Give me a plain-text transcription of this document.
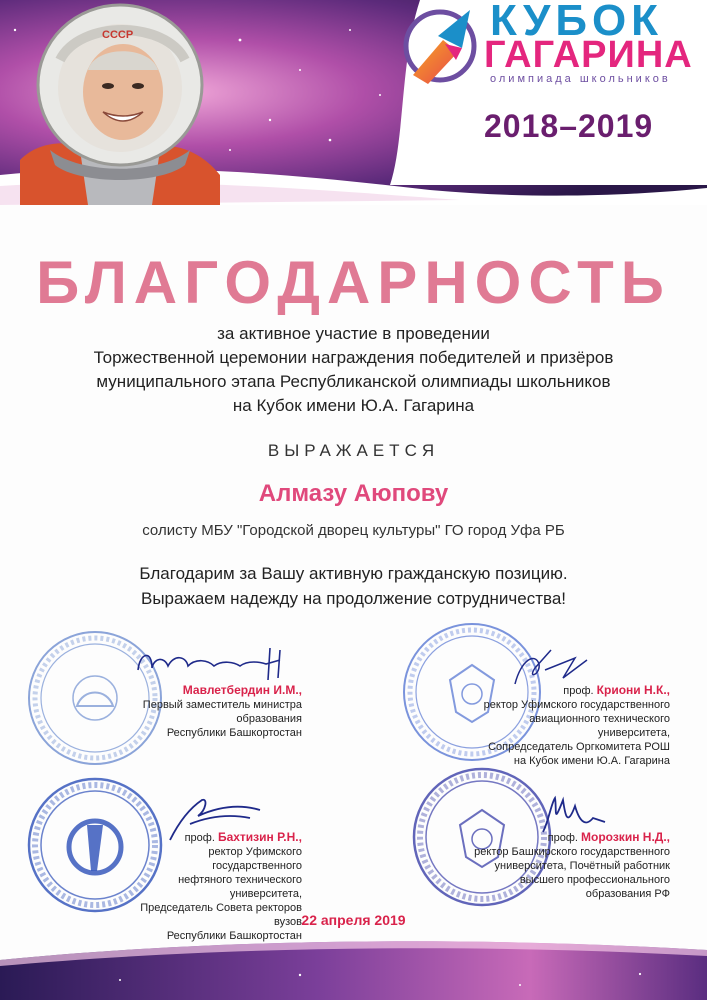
СССР	КУБОК
ГАГАРИНА
олимпиада школьников
2018–2019
БЛАГОДАРНОСТЬ
за активное участие в проведении
Торжественной церемонии награждения победителей и призёров
муниципального этапа Республиканской олимпиады школьников
на Кубок имени Ю.А. Гагарина
ВЫРАЖАЕТСЯ
Алмазу Аюпову
солисту МБУ "Городской дворец культуры" ГО город Уфа РБ
Благодарим за Вашу активную гражданскую позицию.
Выражаем надежду на продолжение сотрудничества!
Мавлетбердин И.М.,
Первый заместитель министра образования
Республики Башкортостан
проф. Криони Н.К.,
ректор Уфимского государственного
авиационного технического университета,
Сопредседатель Оргкомитета РОШ
на Кубок имени Ю.А. Гагарина
проф. Бахтизин Р.Н.,
ректор Уфимского государственного
нефтяного технического университета,
Председатель Совета ректоров вузов
Республики Башкортостан
проф. Морозкин Н.Д.,
ректор Башкирского государственного
университета, Почётный работник
высшего профессионального образования РФ
22 апреля 2019
